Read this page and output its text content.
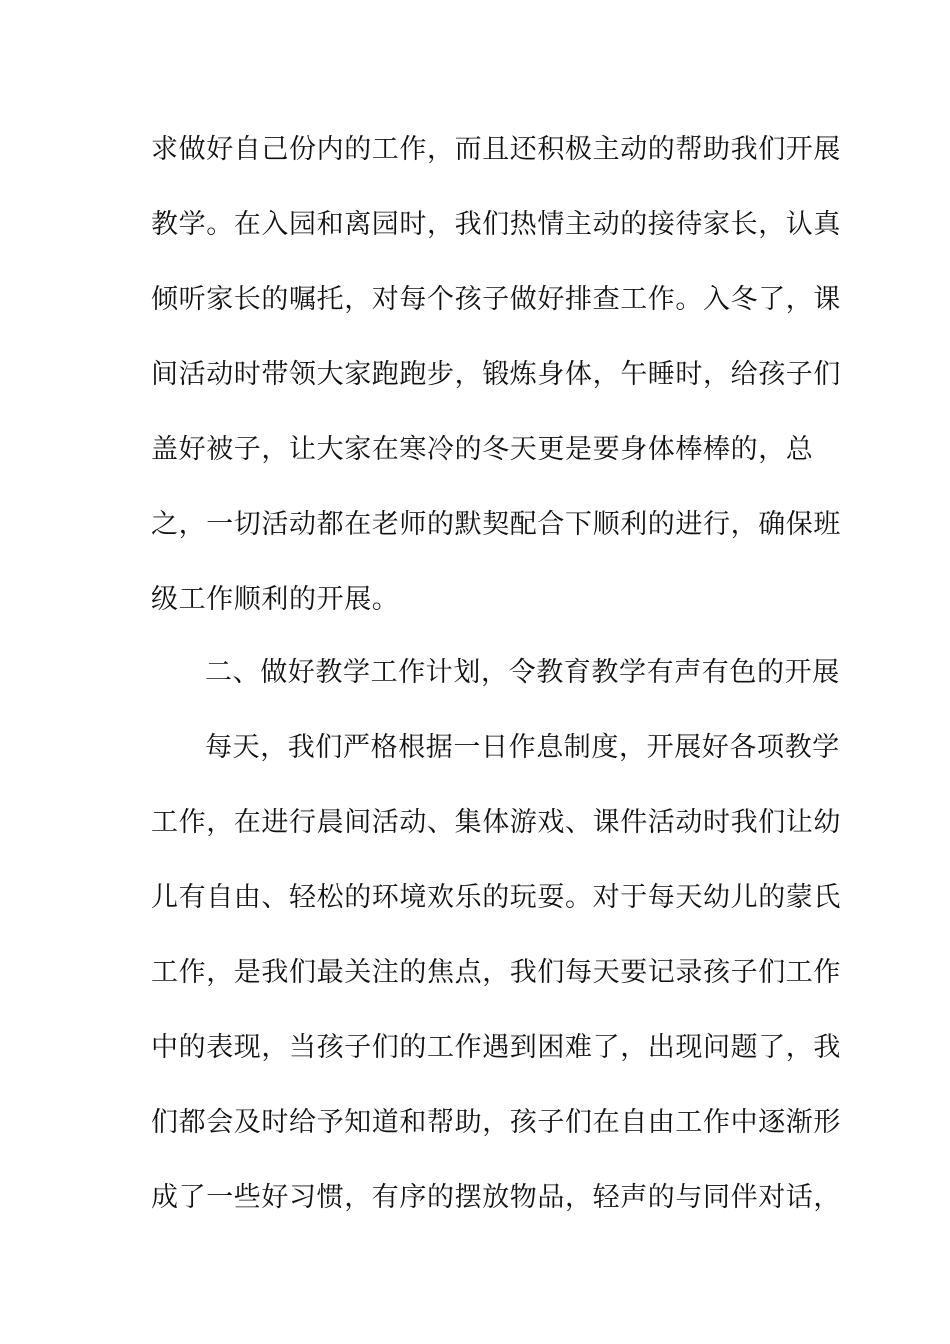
求做好自己份内的工作，而且还积极主动的帮助我们开展
教学。在入园和离园时，我们热情主动的接待家长，认真
倾听家长的嘱托，对每个孩子做好排查工作。入冬了，课
间活动时带领大家跑跑步，锻炼身体，午睡时，给孩子们
盖好被子，让大家在寒冷的冬天更是要身体棒棒的，总
之，一切活动都在老师的默契配合下顺利的进行，确保班
级工作顺利的开展。
二、做好教学工作计划，令教育教学有声有色的开展
每天，我们严格根据一日作息制度，开展好各项教学
工作，在进行晨间活动、集体游戏、课件活动时我们让幼
儿有自由、轻松的环境欢乐的玩耍。对于每天幼儿的蒙氏
工作，是我们最关注的焦点，我们每天要记录孩子们工作
中的表现，当孩子们的工作遇到困难了，出现问题了，我
们都会及时给予知道和帮助，孩子们在自由工作中逐渐形
成了一些好习惯，有序的摆放物品，轻声的与同伴对话，
